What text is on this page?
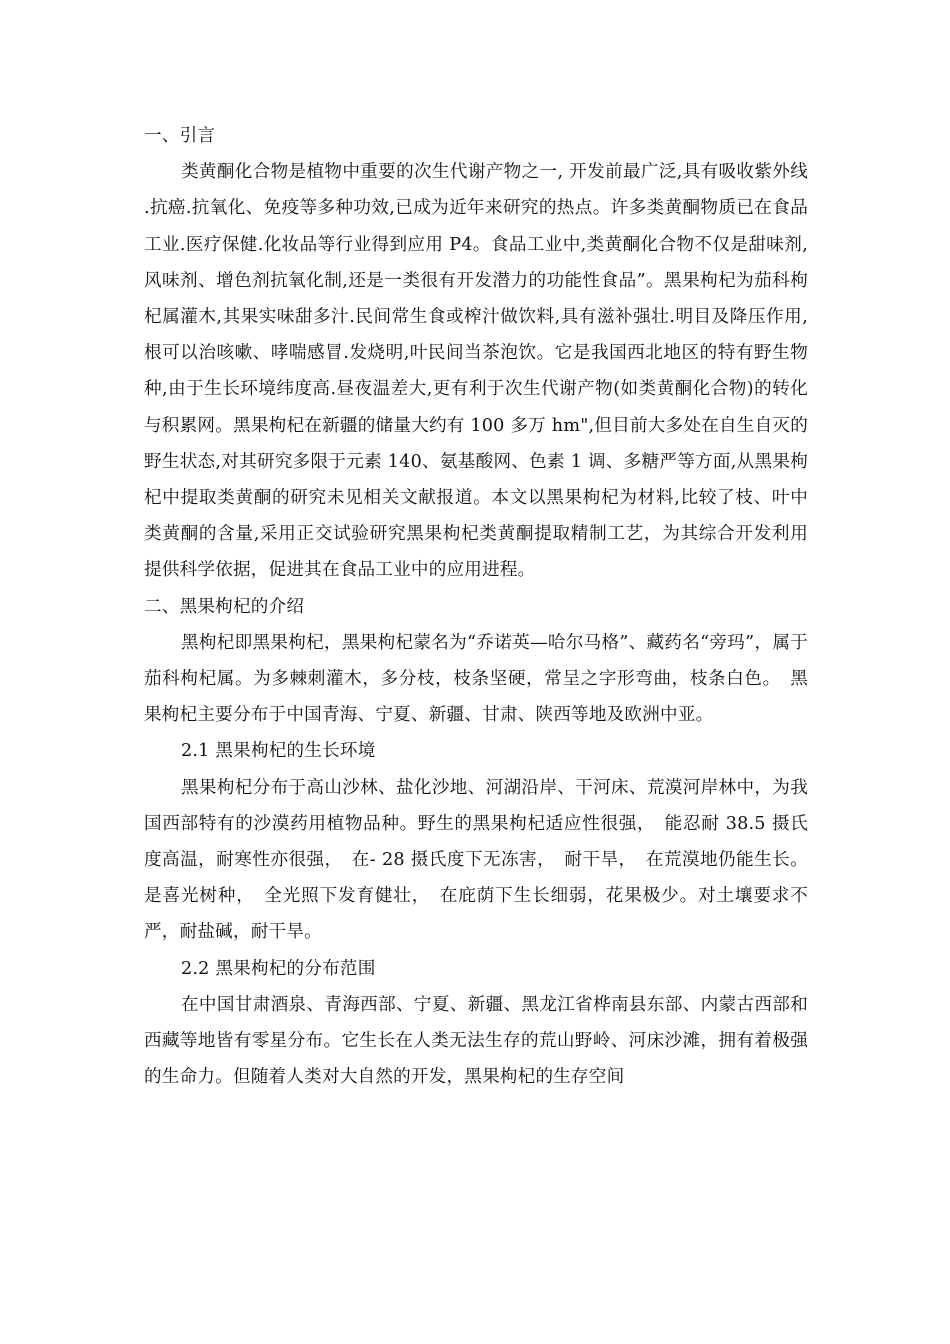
一、引言

类黄酮化合物是植物中重要的次生代谢产物之一, 开发前最广泛,具有吸收紫外线 .抗癌.抗氧化、免疫等多种功效,已成为近年来研究的热点。许多类黄酮物质已在食品工业.医疗保健.化妆品等行业得到应用 P4。食品工业中,类黄酮化合物不仅是甜味剂,风味剂、增色剂抗氧化制,还是一类很有开发潜力的功能性食品”。黑果枸杞为茄科枸杞属灌木,其果实味甜多汁.民间常生食或榨汁做饮料,具有滋补强壮.明目及降压作用,根可以治咳嗽、哮喘感冒.发烧明,叶民间当茶泡饮。它是我国西北地区的特有野生物种,由于生长环境纬度高.昼夜温差大,更有利于次生代谢产物(如类黄酮化合物)的转化与积累网。黑果枸杞在新疆的储量大约有 100 多万 hm",但目前大多处在自生自灭的野生状态,对其研究多限于元素 140、氨基酸网、色素 1 调、多糖严等方面,从黑果枸杞中提取类黄酮的研究未见相关文献报道。本文以黑果枸杞为材料,比较了枝、叶中类黄酮的含量,采用正交试验研究黑果枸杞类黄酮提取精制工艺，为其综合开发利用提供科学依据，促进其在食品工业中的应用进程。

二、黑果枸杞的介绍

黑枸杞即黑果枸杞，黑果枸杞蒙名为“乔诺英—哈尔马格”、藏药名“旁玛”，属于茄科枸杞属。为多棘刺灌木，多分枝，枝条坚硬，常呈之字形弯曲，枝条白色。　黑果枸杞主要分布于中国青海、宁夏、新疆、甘肃、陕西等地及欧洲中亚。

2.1 黑果枸杞的生长环境

黑果枸杞分布于高山沙林、盐化沙地、河湖沿岸、干河床、荒漠河岸林中，为我国西部特有的沙漠药用植物品种。野生的黑果枸杞适应性很强，　能忍耐 38.5 摄氏度高温，耐寒性亦很强，　在- 28 摄氏度下无冻害，　耐干旱，　在荒漠地仍能生长。是喜光树种，　全光照下发育健壮，　在庇荫下生长细弱，花果极少。对土壤要求不严，耐盐碱，耐干旱。

2.2 黑果枸杞的分布范围

在中国甘肃酒泉、青海西部、宁夏、新疆、黑龙江省桦南县东部、内蒙古西部和西藏等地皆有零星分布。它生长在人类无法生存的荒山野岭、河床沙滩，拥有着极强的生命力。但随着人类对大自然的开发，黑果枸杞的生存空间
